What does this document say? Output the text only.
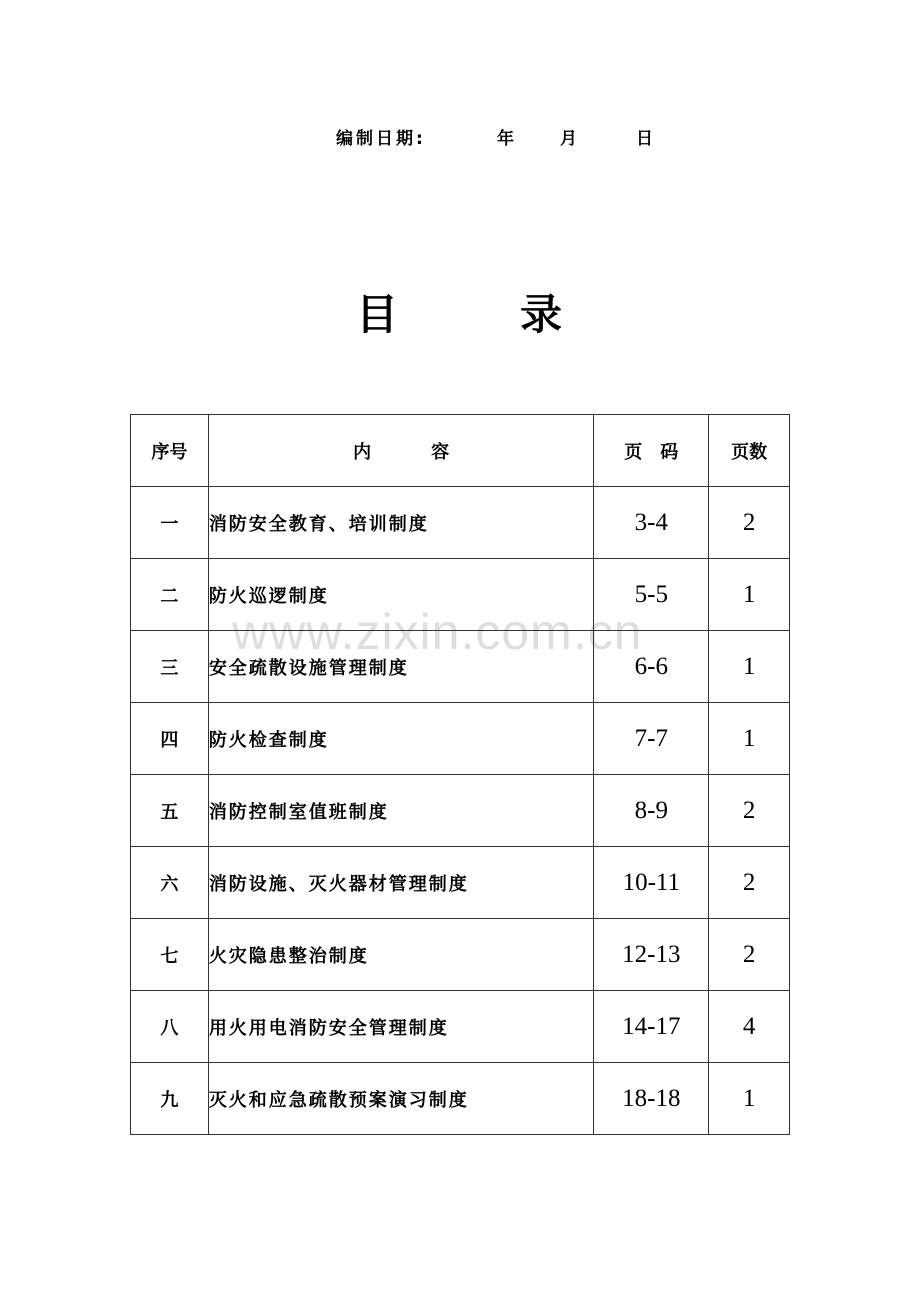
编制日期:	年	月	日
目	录
www.zixin.com.cn
序号	内容	页码	页数
一	消防安全教育、培训制度	3-4	2
二	防火巡逻制度	5-5	1
三	安全疏散设施管理制度	6-6	1
四	防火检查制度	7-7	1
五	消防控制室值班制度	8-9	2
六	消防设施、灭火器材管理制度	10-11	2
七	火灾隐患整治制度	12-13	2
八	用火用电消防安全管理制度	14-17	4
九	灭火和应急疏散预案演习制度	18-18	1
